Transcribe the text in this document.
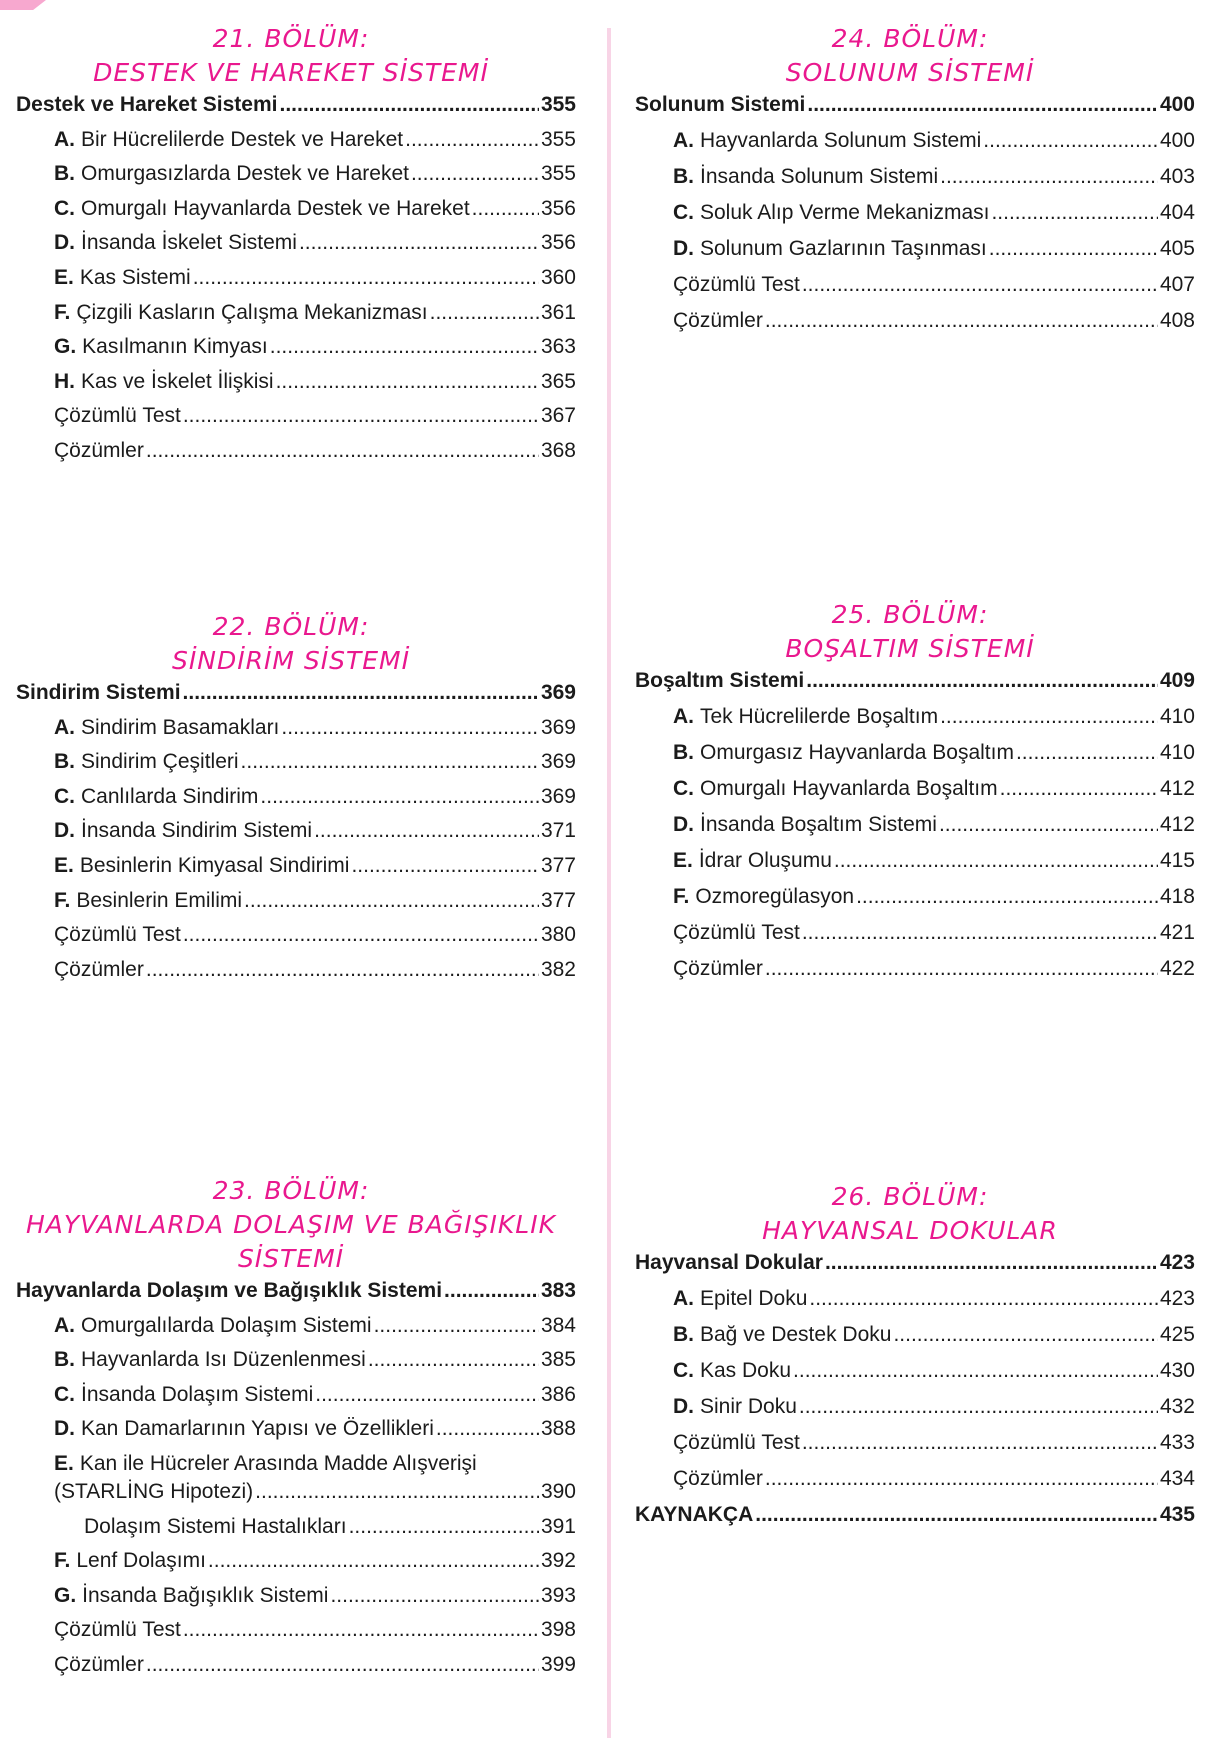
21. BÖLÜM:
DESTEK VE HAREKET SİSTEMİ
Destek ve Hareket Sistemi .....	355
A. Bir Hücrelilerde Destek ve Hareket .....	355
B. Omurgasızlarda Destek ve Hareket .....	355
C. Omurgalı Hayvanlarda Destek ve Hareket .....	356
D. İnsanda İskelet Sistemi .....	356
E. Kas Sistemi .....	360
F. Çizgili Kasların Çalışma Mekanizması .....	361
G. Kasılmanın Kimyası .....	363
H. Kas ve İskelet İlişkisi .....	365
Çözümlü Test .....	367
Çözümler .....	368
22. BÖLÜM:
SİNDİRİM SİSTEMİ
Sindirim Sistemi .....	369
A. Sindirim Basamakları .....	369
B. Sindirim Çeşitleri .....	369
C. Canlılarda Sindirim .....	369
D. İnsanda Sindirim Sistemi .....	371
E. Besinlerin Kimyasal Sindirimi .....	377
F. Besinlerin Emilimi .....	377
Çözümlü Test .....	380
Çözümler .....	382
23. BÖLÜM:
HAYVANLARDA DOLAŞIM VE BAĞIŞIKLIK
SİSTEMİ
Hayvanlarda Dolaşım ve Bağışıklık Sistemi .....	383
A. Omurgalılarda Dolaşım Sistemi .....	384
B. Hayvanlarda Isı Düzenlenmesi .....	385
C. İnsanda Dolaşım Sistemi .....	386
D. Kan Damarlarının Yapısı ve Özellikleri .....	388
E. Kan ile Hücreler Arasında Madde Alışverişi
(STARLİNG Hipotezi) .....	390
Dolaşım Sistemi Hastalıkları .....	391
F. Lenf Dolaşımı .....	392
G. İnsanda Bağışıklık Sistemi .....	393
Çözümlü Test .....	398
Çözümler .....	399
24. BÖLÜM:
SOLUNUM SİSTEMİ
Solunum Sistemi .....	400
A. Hayvanlarda Solunum Sistemi .....	400
B. İnsanda Solunum Sistemi .....	403
C. Soluk Alıp Verme Mekanizması .....	404
D. Solunum Gazlarının Taşınması .....	405
Çözümlü Test .....	407
Çözümler .....	408
25. BÖLÜM:
BOŞALTIM SİSTEMİ
Boşaltım Sistemi .....	409
A. Tek Hücrelilerde Boşaltım .....	410
B. Omurgasız Hayvanlarda Boşaltım .....	410
C. Omurgalı Hayvanlarda Boşaltım .....	412
D. İnsanda Boşaltım Sistemi .....	412
E. İdrar Oluşumu .....	415
F. Ozmoregülasyon .....	418
Çözümlü Test .....	421
Çözümler .....	422
26. BÖLÜM:
HAYVANSAL DOKULAR
Hayvansal Dokular .....	423
A. Epitel Doku .....	423
B. Bağ ve Destek Doku .....	425
C. Kas Doku .....	430
D. Sinir Doku .....	432
Çözümlü Test .....	433
Çözümler .....	434
KAYNAKÇA .....	435
